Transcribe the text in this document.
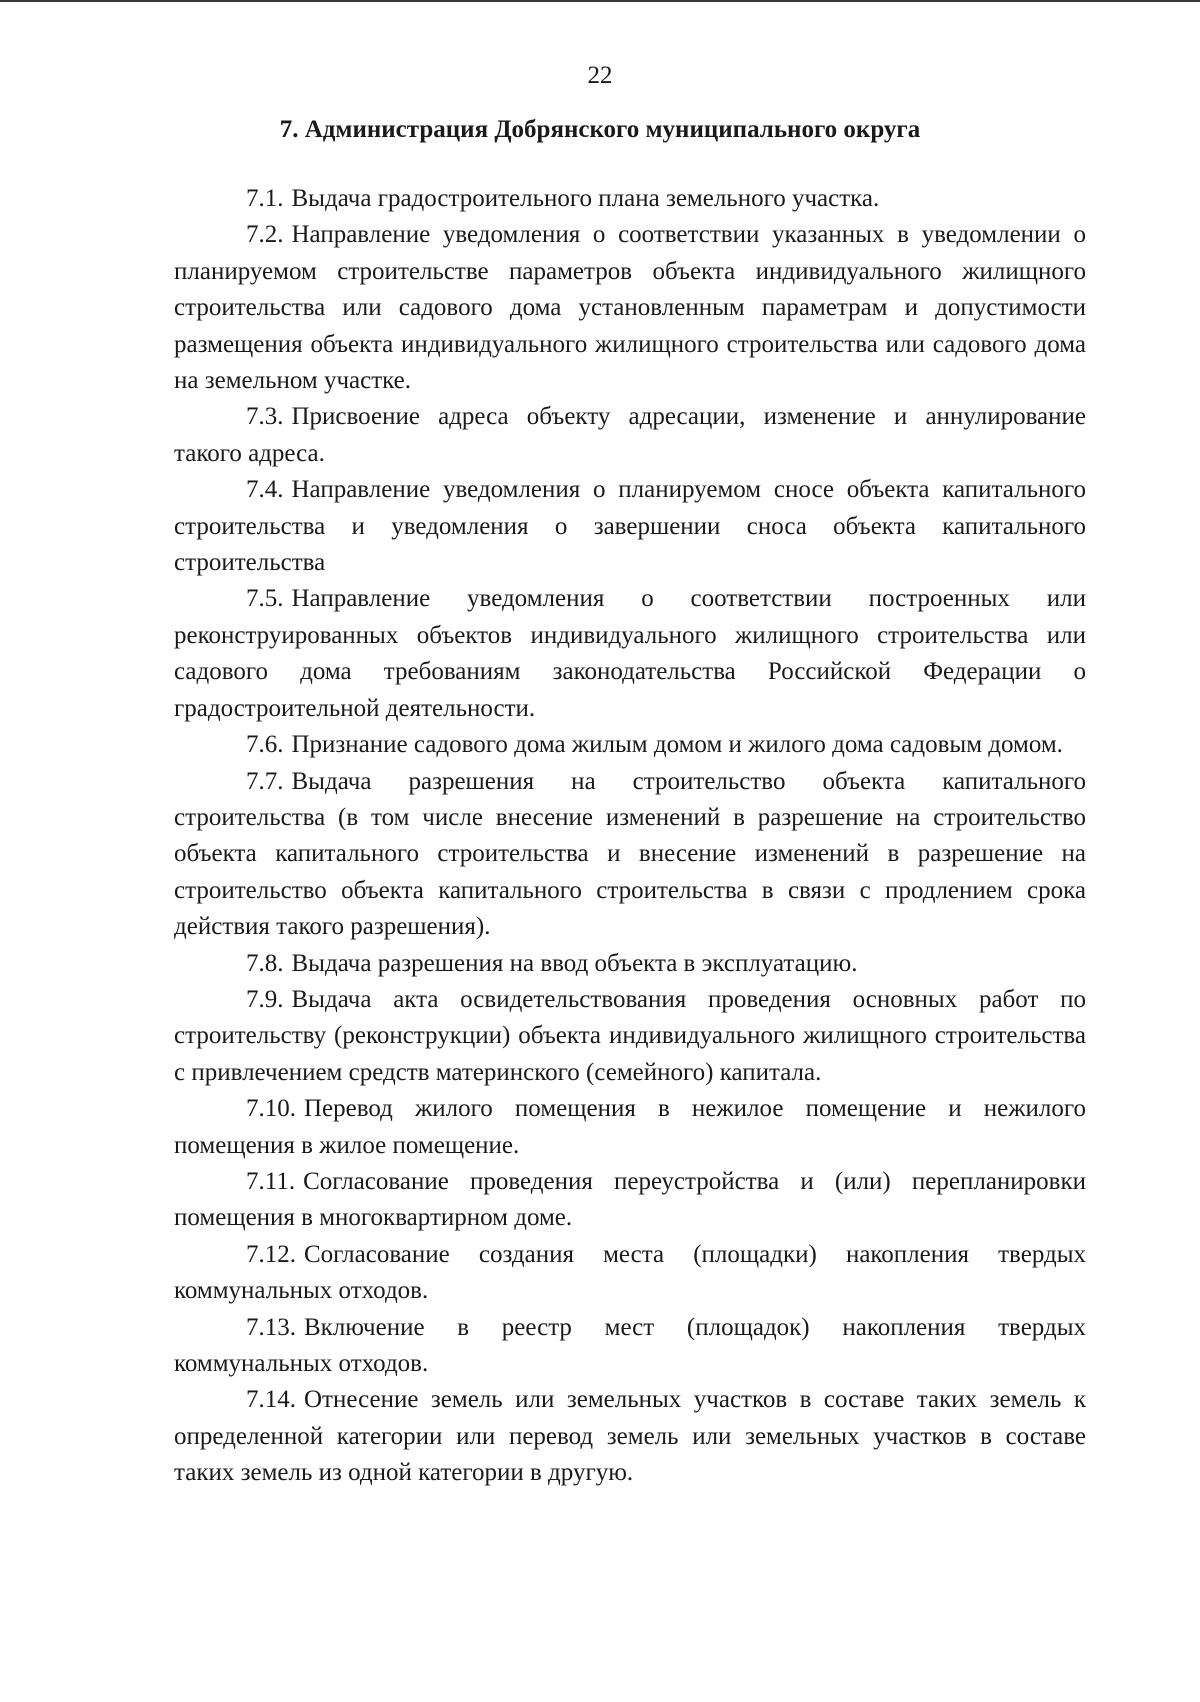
22
7. Администрация Добрянского муниципального округа

7.1. Выдача градостроительного плана земельного участка.

7.2. Направление уведомления о соответствии указанных в уведомлении о планируемом строительстве параметров объекта индивидуального жилищного строительства или садового дома установленным параметрам и допустимости размещения объекта индивидуального жилищного строительства или садового дома на земельном участке.

7.3. Присвоение адреса объекту адресации, изменение и аннулирование такого адреса.

7.4. Направление уведомления о планируемом сносе объекта капитального строительства и уведомления о завершении сноса объекта капитального строительства

7.5. Направление уведомления о соответствии построенных или реконструированных объектов индивидуального жилищного строительства или садового дома требованиям законодательства Российской Федерации о градостроительной деятельности.

7.6. Признание садового дома жилым домом и жилого дома садовым домом.

7.7. Выдача разрешения на строительство объекта капитального строительства (в том числе внесение изменений в разрешение на строительство объекта капитального строительства и внесение изменений в разрешение на строительство объекта капитального строительства в связи с продлением срока действия такого разрешения).

7.8. Выдача разрешения на ввод объекта в эксплуатацию.

7.9. Выдача акта освидетельствования проведения основных работ по строительству (реконструкции) объекта индивидуального жилищного строительства с привлечением средств материнского (семейного) капитала.

7.10. Перевод жилого помещения в нежилое помещение и нежилого помещения в жилое помещение.

7.11. Согласование проведения переустройства и (или) перепланировки помещения в многоквартирном доме.

7.12. Согласование создания места (площадки) накопления твердых коммунальных отходов.

7.13. Включение в реестр мест (площадок) накопления твердых коммунальных отходов.

7.14. Отнесение земель или земельных участков в составе таких земель к определенной категории или перевод земель или земельных участков в составе таких земель из одной категории в другую.
